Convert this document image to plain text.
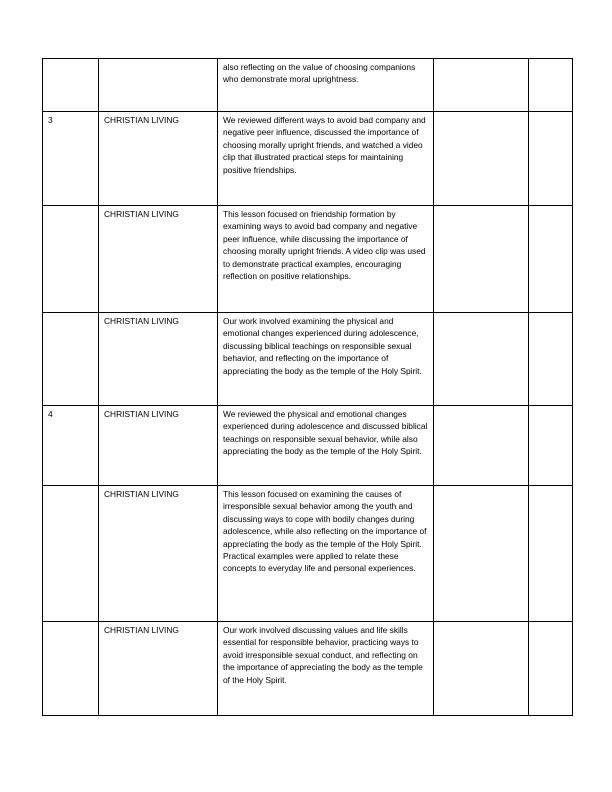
		also reflecting on the value of choosing companions who demonstrate moral uprightness.		
3	CHRISTIAN LIVING	We reviewed different ways to avoid bad company and negative peer influence, discussed the importance of choosing morally upright friends, and watched a video clip that illustrated practical steps for maintaining positive friendships.		
	CHRISTIAN LIVING	This lesson focused on friendship formation by examining ways to avoid bad company and negative peer influence, while discussing the importance of choosing morally upright friends. A video clip was used to demonstrate practical examples, encouraging reflection on positive relationships.		
	CHRISTIAN LIVING	Our work involved examining the physical and emotional changes experienced during adolescence, discussing biblical teachings on responsible sexual behavior, and reflecting on the importance of appreciating the body as the temple of the Holy Spirit.		
4	CHRISTIAN LIVING	We reviewed the physical and emotional changes experienced during adolescence and discussed biblical teachings on responsible sexual behavior, while also appreciating the body as the temple of the Holy Spirit.		
	CHRISTIAN LIVING	This lesson focused on examining the causes of irresponsible sexual behavior among the youth and discussing ways to cope with bodily changes during adolescence, while also reflecting on the importance of appreciating the body as the temple of the Holy Spirit. Practical examples were applied to relate these concepts to everyday life and personal experiences.		
	CHRISTIAN LIVING	Our work involved discussing values and life skills essential for responsible behavior, practicing ways to avoid irresponsible sexual conduct, and reflecting on the importance of appreciating the body as the temple of the Holy Spirit.		
